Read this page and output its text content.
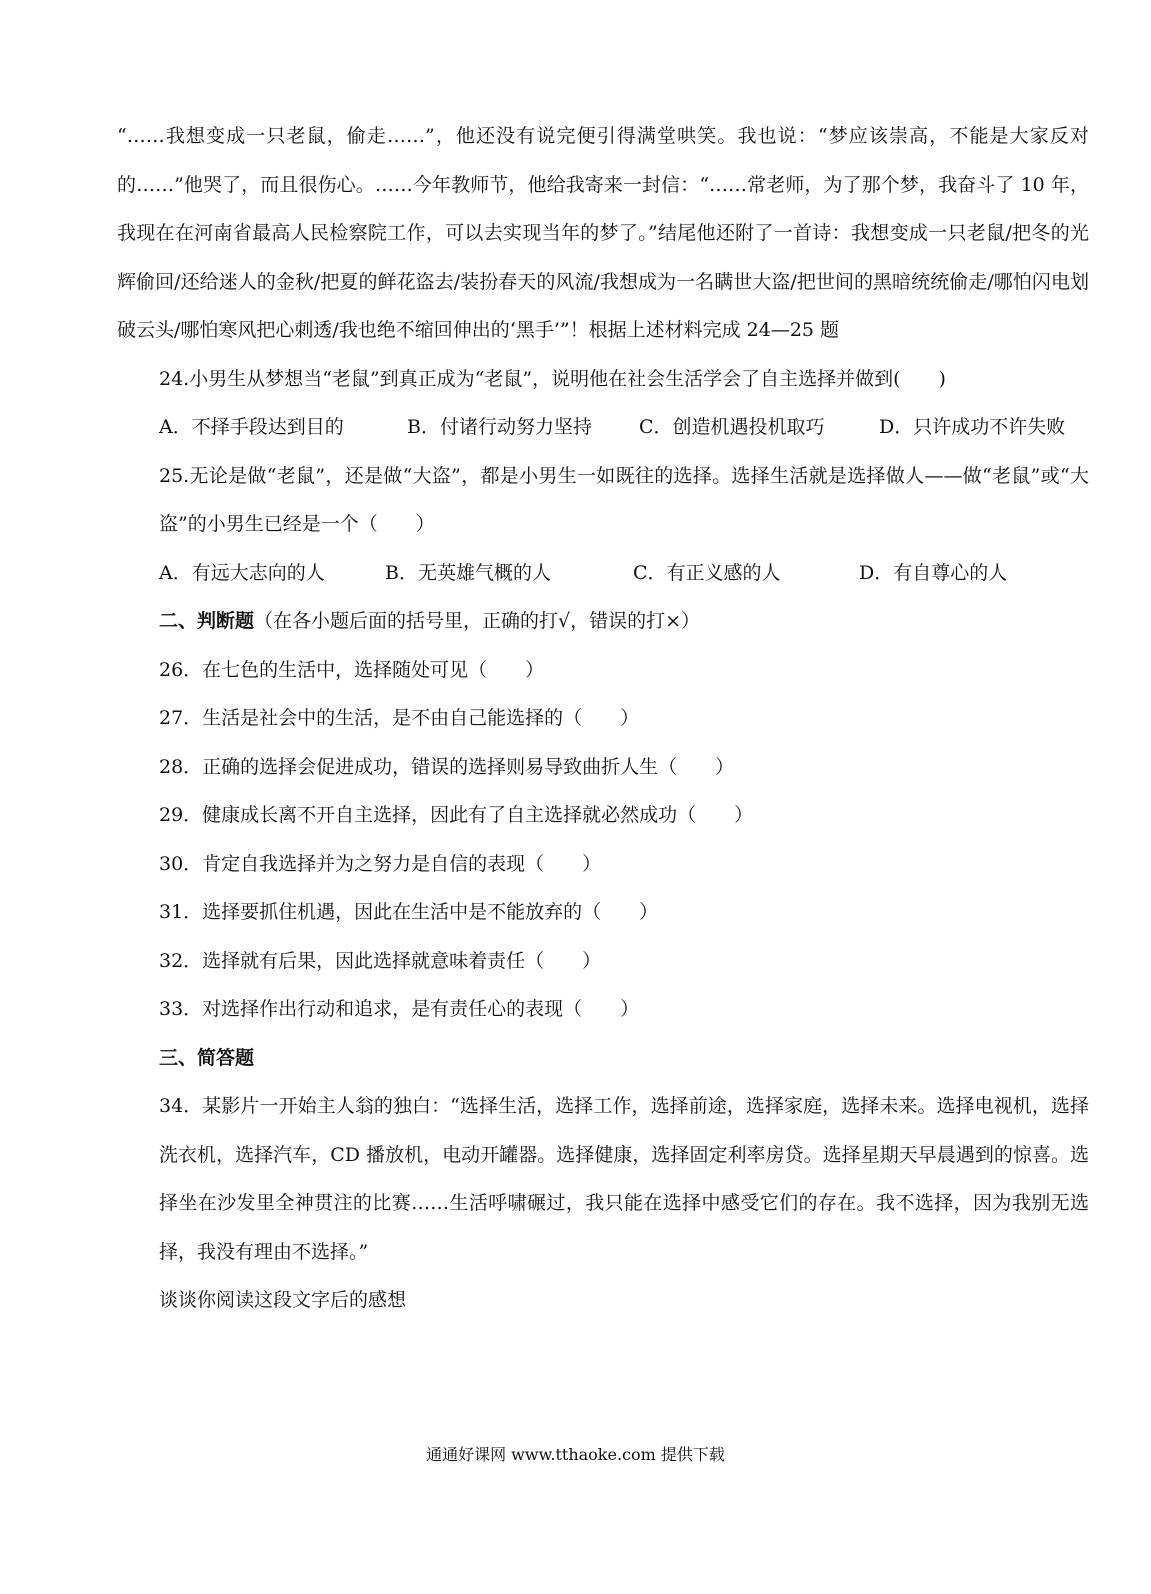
“……我想变成一只老鼠，偷走……”，他还没有说完便引得满堂哄笑。我也说：“梦应该崇高，不能是大家反对的……”他哭了，而且很伤心。……今年教师节，他给我寄来一封信：“……常老师，为了那个梦，我奋斗了 10 年，我现在在河南省最高人民检察院工作，可以去实现当年的梦了。”结尾他还附了一首诗：我想变成一只老鼠/把冬的光辉偷回/还给迷人的金秋/把夏的鲜花盗去/装扮春天的风流/我想成为一名瞒世大盗/把世间的黑暗统统偷走/哪怕闪电划破云头/哪怕寒风把心刺透/我也绝不缩回伸出的‘黑手’”！根据上述材料完成 24—25 题

24.小男生从梦想当“老鼠”到真正成为“老鼠”，说明他在社会生活学会了自主选择并做到(　　)

A．不择手段达到目的	B．付诸行动努力坚持	C．创造机遇投机取巧	D．只许成功不许失败

25.无论是做“老鼠”，还是做“大盗”，都是小男生一如既往的选择。选择生活就是选择做人——做“老鼠”或“大盗”的小男生已经是一个（　　）

A．有远大志向的人	B．无英雄气概的人	C．有正义感的人	D．有自尊心的人

二、判断题（在各小题后面的括号里，正确的打√，错误的打×）

26．在七色的生活中，选择随处可见（　　）

27．生活是社会中的生活，是不由自己能选择的（　　）

28．正确的选择会促进成功，错误的选择则易导致曲折人生（　　）

29．健康成长离不开自主选择，因此有了自主选择就必然成功（　　）

30．肯定自我选择并为之努力是自信的表现（　　）

31．选择要抓住机遇，因此在生活中是不能放弃的（　　）

32．选择就有后果，因此选择就意味着责任（　　）

33．对选择作出行动和追求，是有责任心的表现（　　）

三、简答题

34．某影片一开始主人翁的独白：“选择生活，选择工作，选择前途，选择家庭，选择未来。选择电视机，选择洗衣机，选择汽车，CD 播放机，电动开罐器。选择健康，选择固定利率房贷。选择星期天早晨遇到的惊喜。选择坐在沙发里全神贯注的比赛……生活呼啸碾过，我只能在选择中感受它们的存在。我不选择，因为我别无选择，我没有理由不选择。”

谈谈你阅读这段文字后的感想

通通好课网 www.tthaoke.com 提供下载
